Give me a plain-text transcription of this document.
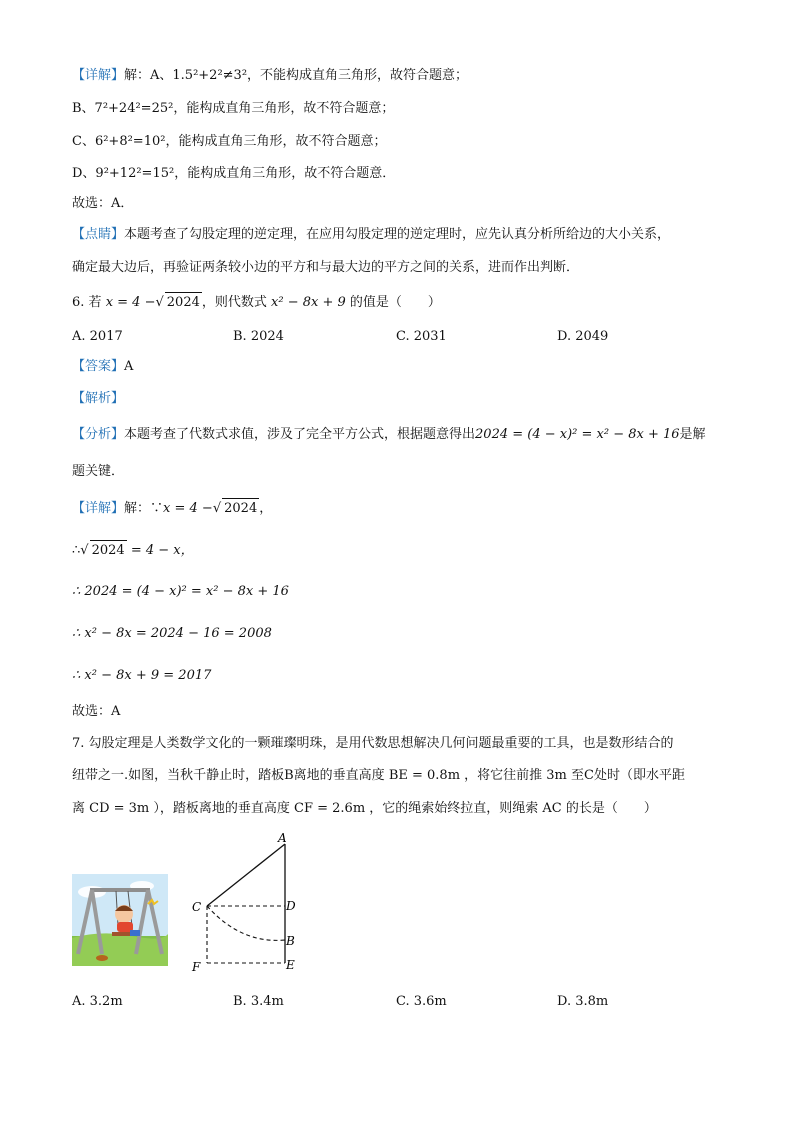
【详解】解：A、1.5²+2²≠3²，不能构成直角三角形，故符合题意；
B、7²+24²=25²，能构成直角三角形，故不符合题意；
C、6²+8²=10²，能构成直角三角形，故不符合题意；
D、9²+12²=15²，能构成直角三角形，故不符合题意．
故选：A．
【点睛】本题考查了勾股定理的逆定理，在应用勾股定理的逆定理时，应先认真分析所给边的大小关系，
确定最大边后，再验证两条较小边的平方和与最大边的平方之间的关系，进而作出判断．
6. 若 x = 4 −√ 2024 ，则代数式 x² − 8x + 9 的值是（　　）
A. 2017	B. 2024	C. 2031	D. 2049
【答案】A
【解析】
【分析】本题考查了代数式求值，涉及了完全平方公式，根据题意得出2024 = (4 − x)² = x² − 8x + 16是解
题关键．
【详解】解：∵x = 4 −√ 2024 ，
∴√ 2024 = 4 − x，
∴ 2024 = (4 − x)² = x² − 8x + 16
∴ x² − 8x = 2024 − 16 = 2008
∴ x² − 8x + 9 = 2017
故选：A
7. 勾股定理是人类数学文化的一颗璀璨明珠，是用代数思想解决几何问题最重要的工具，也是数形结合的
纽带之一.如图，当秋千静止时，踏板B离地的垂直高度 BE = 0.8m ，将它往前推 3m 至C处时（即水平距
离 CD = 3m ），踏板离地的垂直高度 CF = 2.6m ，它的绳索始终拉直，则绳索 AC 的长是（　　）
A
C	D
B
E
F
A. 3.2m	B. 3.4m	C. 3.6m	D. 3.8m
